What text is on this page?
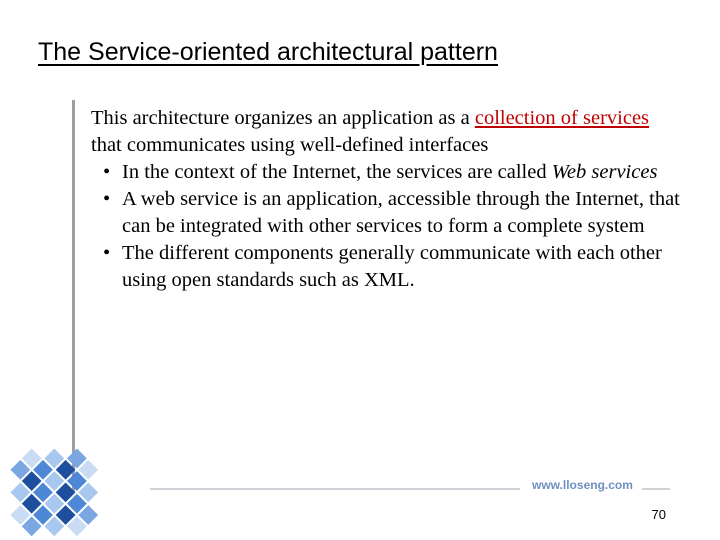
The Service-oriented architectural pattern

This architecture organizes an application as a collection of services that communicates using well-defined interfaces

• In the context of the Internet, the services are called Web services
• A web service is an application, accessible through the Internet, that can be integrated with other services to form a complete system
• The different components generally communicate with each other using open standards such as XML.
www.lloseng.com
70
